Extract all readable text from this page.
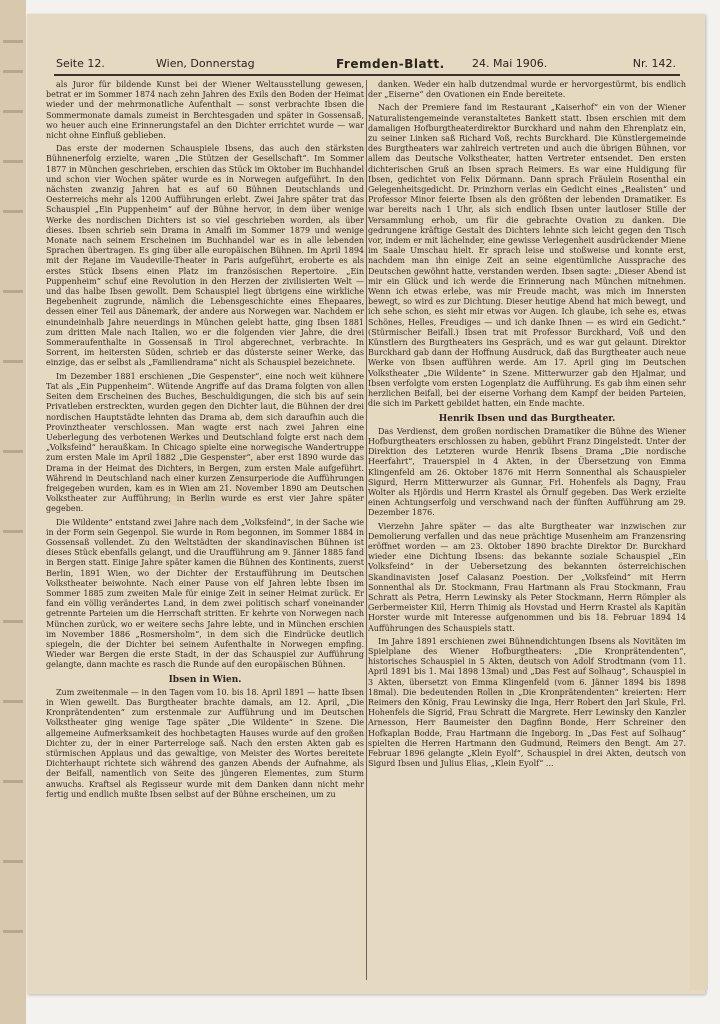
Seite 12.	Wien, Donnerstag	Fremden-Blatt. 24. Mai 1906.	Nr. 142.

als Juror für bildende Kunst bei der Wiener Weltausstellung gewesen, betrat er im Sommer 1874 nach zehn Jahren des Exils den Boden der Heimat wieder und der mehrmonatliche Aufenthalt — sonst verbrachte Ibsen die Sommermonate damals zumeist in Berchtesgaden und später in Gossensaß, wo heuer auch eine Erinnerungstafel an den Dichter errichtet wurde — war nicht ohne Einfluß geblieben.

Das erste der modernen Schauspiele Ibsens, das auch den stärksten Bühnenerfolg erzielte, waren „Die Stützen der Gesellschaft“. Im Sommer 1877 in München geschrieben, erschien das Stück im Oktober im Buchhandel und schon vier Wochen später wurde es in Norwegen aufgeführt. In den nächsten zwanzig Jahren hat es auf 60 Bühnen Deutschlands und Oesterreichs mehr als 1200 Aufführungen erlebt. Zwei Jahre später trat das Schauspiel „Ein Puppenheim“ auf der Bühne hervor, in dem über wenige Werke des nordischen Dichters ist so viel geschrieben worden, als über dieses. Ibsen schrieb sein Drama in Amalfi im Sommer 1879 und wenige Monate nach seinem Erscheinen im Buchhandel war es in alle lebenden Sprachen übertragen. Es ging über alle europäischen Bühnen. Im April 1894 mit der Rejane im Vaudeville-Theater in Paris aufgeführt, eroberte es als erstes Stück Ibsens einen Platz im französischen Repertoire. „Ein Puppenheim“ schuf eine Revolution in den Herzen der zivilisierten Welt — und das halbe Ibsen gewollt. Dem Schauspiel liegt übrigens eine wirkliche Begebenheit zugrunde, nämlich die Lebensgeschichte eines Ehepaares, dessen einer Teil aus Dänemark, der andere aus Norwegen war. Nachdem er einundeinhalb Jahre neuerdings in München gelebt hatte, ging Ibsen 1881 zum dritten Male nach Italien, wo er die folgenden vier Jahre, die drei Sommeraufenthalte in Gossensaß in Tirol abgerechnet, verbrachte. In Sorrent, im heitersten Süden, schrieb er das düsterste seiner Werke, das einzige, das er selbst als „Familiendrama“ nicht als Schauspiel bezeichnete.

Im Dezember 1881 erschienen „Die Gespenster“, eine noch weit kühnere Tat als „Ein Puppenheim“. Wütende Angriffe auf das Drama folgten von allen Seiten dem Erscheinen des Buches, Beschuldigungen, die sich bis auf sein Privatleben erstreckten, wurden gegen den Dichter laut, die Bühnen der drei nordischen Hauptstädte lehnten das Drama ab, dem sich daraufhin auch die Provinztheater verschlossen. Man wagte erst nach zwei Jahren eine Ueberlegung des verbotenen Werkes und Deutschland folgte erst nach dem „Volksfeind“ heraußkam. In Chicago spielte eine norwegische Wandertruppe zum ersten Male im April 1882 „Die Gespenster“, aber erst 1890 wurde das Drama in der Heimat des Dichters, in Bergen, zum ersten Male aufgeführt. Während in Deutschland nach einer kurzen Zensurperiode die Aufführungen freigegeben wurden, kam es in Wien am 21. November 1890 am Deutschen Volkstheater zur Aufführung; in Berlin wurde es erst vier Jahre später gegeben.

Die Wildente“ entstand zwei Jahre nach dem „Volksfeind“, in der Sache wie in der Form sein Gegenpol. Sie wurde in Rom begonnen, im Sommer 1884 in Gossensaß vollendet. Zu den Weltstädten der skandinavischen Bühnen ist dieses Stück ebenfalls gelangt, und die Uraufführung am 9. Jänner 1885 fand in Bergen statt. Einige Jahre später kamen die Bühnen des Kontinents, zuerst Berlin, 1891 Wien, wo der Dichter der Erstaufführung im Deutschen Volkstheater beiwohnte. Nach einer Pause von elf Jahren lebte Ibsen im Sommer 1885 zum zweiten Male für einige Zeit in seiner Heimat zurück. Er fand ein völlig verändertes Land, in dem zwei politisch scharf voneinander getrennte Parteien um die Herrschaft stritten. Er kehrte von Norwegen nach München zurück, wo er weitere sechs Jahre lebte, und in München erschien im November 1886 „Rosmersholm“, in dem sich die Eindrücke deutlich spiegeln, die der Dichter bei seinem Aufenthalte in Norwegen empfing. Wieder war Bergen die erste Stadt, in der das Schauspiel zur Aufführung gelangte, dann machte es rasch die Runde auf den europäischen Bühnen.

Ibsen in Wien.

Zum zweitenmale — in den Tagen vom 10. bis 18. April 1891 — hatte Ibsen in Wien geweilt. Das Burgtheater brachte damals, am 12. April, „Die Kronprätendenten“ zum erstenmale zur Aufführung und im Deutschen Volkstheater ging wenige Tage später „Die Wildente“ in Szene. Die allgemeine Aufmerksamkeit des hochbetagten Hauses wurde auf den großen Dichter zu, der in einer Parterreloge saß. Nach den ersten Akten gab es stürmischen Applaus und das gewaltige, von Meister des Wortes bereitete Dichterhaupt richtete sich während des ganzen Abends der Aufnahme, als der Beifall, namentlich von Seite des jüngeren Elementes, zum Sturm anwuchs. Kraftsel als Regisseur wurde mit dem Danken dann nicht mehr fertig und endlich mußte Ibsen selbst auf der Bühne erscheinen, um zu

danken. Weder ein halb dutzendmal wurde er hervorgestürmt, bis endlich der „Eiserne“ den Ovationen ein Ende bereitete.

Nach der Premiere fand im Restaurant „Kaiserhof“ ein von der Wiener Naturalistengemeinde veranstaltetes Bankett statt. Ibsen erschien mit dem damaligen Hofburgtheaterdirektor Burckhard und nahm den Ehrenplatz ein, zu seiner Linken saß Richard Voß, rechts Burckhard. Die Künstlergemeinde des Burgtheaters war zahlreich vertreten und auch die übrigen Bühnen, vor allem das Deutsche Volkstheater, hatten Vertreter entsendet. Den ersten dichterischen Gruß an Ibsen sprach Reimers. Es war eine Huldigung für Ibsen, gedichtet von Felix Dörmann. Dann sprach Fräulein Rosenthal ein Gelegenheitsgedicht. Dr. Prinzhorn verlas ein Gedicht eines „Realisten“ und Professor Minor feierte Ibsen als den größten der lebenden Dramatiker. Es war bereits nach 1 Uhr, als sich endlich Ibsen unter lautloser Stille der Versammlung erhob, um für die gebrachte Ovation zu danken. Die gedrungene kräftige Gestalt des Dichters lehnte sich leicht gegen den Tisch vor, indem er mit lächelnder, eine gewisse Verlegenheit ausdrückender Miene im Saale Umschau hielt. Er sprach leise und stoßweise und konnte erst, nachdem man ihn einige Zeit an seine eigentümliche Aussprache des Deutschen gewöhnt hatte, verstanden werden. Ibsen sagte: „Dieser Abend ist mir ein Glück und ich werde die Erinnerung nach München mitnehmen. Wenn ich etwas erlebe, was mir Freude macht, was mich im Innersten bewegt, so wird es zur Dichtung. Dieser heutige Abend hat mich bewegt, und ich sehe schon, es sieht mir etwas vor Augen. Ich glaube, ich sehe es, etwas Schönes, Helles, Freudiges — und ich danke Ihnen — es wird ein Gedicht.“ (Stürmischer Beifall.) Ibsen trat mit Professor Burckhard, Voß und den Künstlern des Burgtheaters ins Gespräch, und es war gut gelaunt. Direktor Burckhard gab dann der Hoffnung Ausdruck, daß das Burgtheater auch neue Werke von Ibsen aufführen werde. Am 17. April ging im Deutschen Volkstheater „Die Wildente“ in Szene. Mitterwurzer gab den Hjalmar, und Ibsen verfolgte vom ersten Logenplatz die Aufführung. Es gab ihm einen sehr herzlichen Beifall, bei der eiserne Vorhang dem Kampf der beiden Parteien, die sich im Parkett gebildet hatten, ein Ende machte.

Henrik Ibsen und das Burgtheater.

Das Verdienst, dem großen nordischen Dramatiker die Bühne des Wiener Hofburgtheaters erschlossen zu haben, gebührt Franz Dingelstedt. Unter der Direktion des Letzteren wurde Henrik Ibsens Drama „Die nordische Heerfahrt“, Trauerspiel in 4 Akten, in der Übersetzung von Emma Klingenfeld am 26. Oktober 1876 mit Herrn Sonnenthal als Schauspieler Sigurd, Herrn Mitterwurzer als Gunnar, Frl. Hohenfels als Dagny, Frau Wolter als Hjördis und Herrn Krastel als Örnulf gegeben. Das Werk erzielte einen Achtungserfolg und verschwand nach der fünften Aufführung am 29. Dezember 1876.

Vierzehn Jahre später — das alte Burgtheater war inzwischen zur Demolierung verfallen und das neue prächtige Musenheim am Franzensring eröffnet worden — am 23. Oktober 1890 brachte Direktor Dr. Burckhard wieder eine Dichtung Ibsens: das bekannte soziale Schauspiel „Ein Volksfeind“ in der Uebersetzung des bekannten österreichischen Skandinavisten Josef Calasanz Poestion. Der „Volksfeind“ mit Herrn Sonnenthal als Dr. Stockmann, Frau Hartmann als Frau Stockmann, Frau Schratt als Petra, Herrn Lewinsky als Peter Stockmann, Herrn Römpler als Gerbermeister Kiil, Herrn Thimig als Hovstad und Herrn Krastel als Kapitän Horster wurde mit Interesse aufgenommen und bis 18. Februar 1894 14 Aufführungen des Schauspiels statt.

Im Jahre 1891 erschienen zwei Bühnendichtungen Ibsens als Novitäten im Spielplane des Wiener Hofburgtheaters: „Die Kronprätendenten“, historisches Schauspiel in 5 Akten, deutsch von Adolf Strodtmann (vom 11. April 1891 bis 1. Mai 1898 13mal) und „Das Fest auf Solhaug“, Schauspiel in 3 Akten, übersetzt von Emma Klingenfeld (vom 6. Jänner 1894 bis 1898 18mal). Die bedeutenden Rollen in „Die Kronprätendenten“ kreierten: Herr Reimers den König, Frau Lewinsky die Inga, Herr Robert den Jarl Skule, Frl. Hohenfels die Sigrid, Frau Schratt die Margrete. Herr Lewinsky den Kanzler Arnesson, Herr Baumeister den Dagfinn Bonde, Herr Schreiner den Hofkaplan Bodde, Frau Hartmann die Ingeborg. In „Das Fest auf Solhaug“ spielten die Herren Hartmann den Gudmund, Reimers den Bengt. Am 27. Februar 1896 gelangte „Klein Eyolf“, Schauspiel in drei Akten, deutsch von Sigurd Ibsen und Julius Elias, „Klein Eyolf“ ...
